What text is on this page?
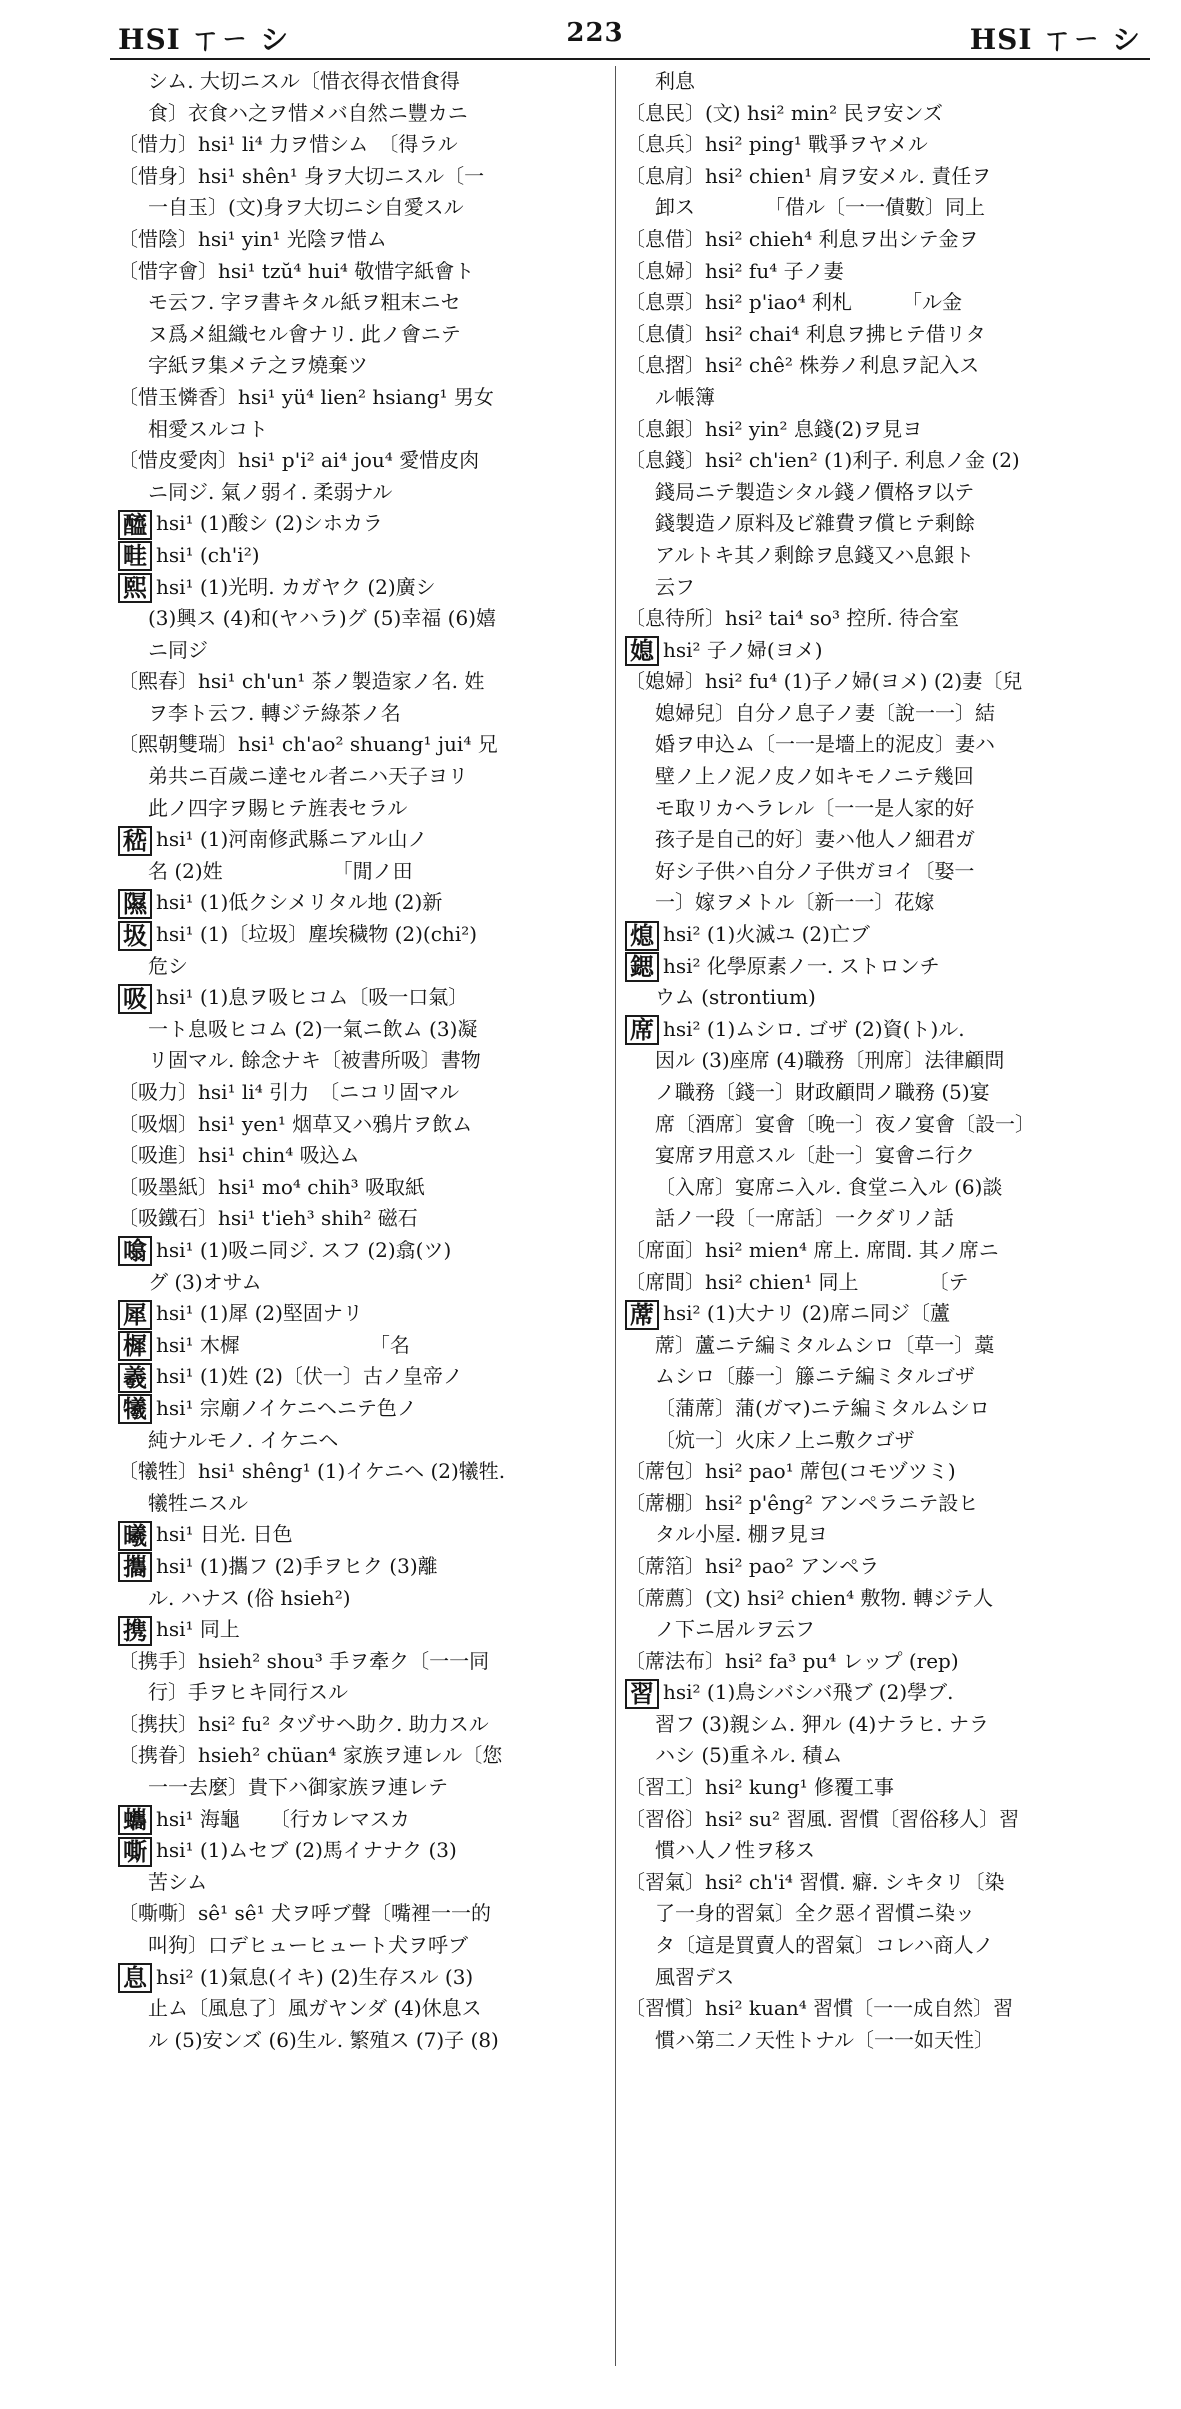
HSI ㄒㄧ シ	223	HSI ㄒㄧ シ
シム. 大切ニスル〔惜衣得衣惜食得
食〕衣食ハ之ヲ惜メバ自然ニ豐カニ
〔惜力〕hsi¹ li⁴ 力ヲ惜シム　〔得ラル
〔惜身〕hsi¹ shên¹ 身ヲ大切ニスル〔一
一自玉〕(文)身ヲ大切ニシ自愛スル
〔惜陰〕hsi¹ yin¹ 光陰ヲ惜ム
〔惜字會〕hsi¹ tzŭ⁴ hui⁴ 敬惜字紙會ト
モ云フ. 字ヲ書キタル紙ヲ粗末ニセ
ヌ爲メ組織セル會ナリ. 此ノ會ニテ
字紙ヲ集メテ之ヲ燒棄ツ
〔惜玉憐香〕hsi¹ yü⁴ lien² hsiang¹ 男女
相愛スルコト
〔惜皮愛肉〕hsi¹ p'i² ai⁴ jou⁴ 愛惜皮肉
ニ同ジ. 氣ノ弱イ. 柔弱ナル
醯 hsi¹ (1)酸シ (2)シホカラ
畦 hsi¹ (ch'i²)
熙 hsi¹ (1)光明. カガヤク (2)廣シ
(3)興ス (4)和(ヤハラ)グ (5)幸福 (6)嬉
ニ同ジ
〔熙春〕hsi¹ ch'un¹ 茶ノ製造家ノ名. 姓
ヲ李ト云フ. 轉ジテ綠茶ノ名
〔熙朝雙瑞〕hsi¹ ch'ao² shuang¹ jui⁴ 兄
弟共ニ百歲ニ達セル者ニハ天子ヨリ
此ノ四字ヲ賜ヒテ旌表セラル
嵇 hsi¹ (1)河南修武縣ニアル山ノ
名 (2)姓　　　　　　「閒ノ田
隰 hsi¹ (1)低クシメリタル地 (2)新
圾 hsi¹ (1)〔垃圾〕塵埃穢物 (2)(chi²)
危シ
吸 hsi¹ (1)息ヲ吸ヒコム〔吸一口氣〕
一ト息吸ヒコム (2)一氣ニ飲ム (3)凝
リ固マル. 餘念ナキ〔被書所吸〕書物
〔吸力〕hsi¹ li⁴ 引力　〔ニコリ固マル
〔吸烟〕hsi¹ yen¹ 烟草又ハ鴉片ヲ飲ム
〔吸進〕hsi¹ chin⁴ 吸込ム
〔吸墨紙〕hsi¹ mo⁴ chih³ 吸取紙
〔吸鐵石〕hsi¹ t'ieh³ shih² 磁石
噏 hsi¹ (1)吸ニ同ジ. スフ (2)翕(ツ)
グ (3)オサム
犀 hsi¹ (1)犀 (2)堅固ナリ
樨 hsi¹ 木樨　　　　　　　「名
羲 hsi¹ (1)姓 (2)〔伏一〕古ノ皇帝ノ
犧 hsi¹ 宗廟ノイケニヘニテ色ノ
純ナルモノ. イケニヘ
〔犧牲〕hsi¹ shêng¹ (1)イケニヘ (2)犧牲.
犧牲ニスル
曦 hsi¹ 日光. 日色
攜 hsi¹ (1)攜フ (2)手ヲヒク (3)離
ル. ハナス (俗 hsieh²)
携 hsi¹ 同上
〔携手〕hsieh² shou³ 手ヲ牽ク〔一一同
行〕手ヲヒキ同行スル
〔携扶〕hsi² fu² タヅサヘ助ク. 助力スル
〔携眷〕hsieh² chüan⁴ 家族ヲ連レル〔您
一一去麼〕貴下ハ御家族ヲ連レテ
蠵 hsi¹ 海龜　　〔行カレマスカ
嘶 hsi¹ (1)ムセブ (2)馬イナナク (3)
苦シム
〔嘶嘶〕sê¹ sê¹ 犬ヲ呼ブ聲〔嘴裡一一的
叫狗〕口デヒューヒュート犬ヲ呼ブ
息 hsi² (1)氣息(イキ) (2)生存スル (3)
止ム〔風息了〕風ガヤンダ (4)休息ス
ル (5)安ンズ (6)生ル. 繁殖ス (7)子 (8)
利息
〔息民〕(文) hsi² min² 民ヲ安ンズ
〔息兵〕hsi² ping¹ 戰爭ヲヤメル
〔息肩〕hsi² chien¹ 肩ヲ安メル. 責任ヲ
卸ス　　　　「借ル〔一一債數〕同上
〔息借〕hsi² chieh⁴ 利息ヲ出シテ金ヲ
〔息婦〕hsi² fu⁴ 子ノ妻
〔息票〕hsi² p'iao⁴ 利札　　　「ル金
〔息債〕hsi² chai⁴ 利息ヲ拂ヒテ借リタ
〔息摺〕hsi² chê² 株券ノ利息ヲ記入ス
ル帳簿
〔息銀〕hsi² yin² 息錢(2)ヲ見ヨ
〔息錢〕hsi² ch'ien² (1)利子. 利息ノ金 (2)
錢局ニテ製造シタル錢ノ價格ヲ以テ
錢製造ノ原料及ビ雜費ヲ償ヒテ剩餘
アルトキ其ノ剩餘ヲ息錢又ハ息銀ト
云フ
〔息待所〕hsi² tai⁴ so³ 控所. 待合室
媳 hsi² 子ノ婦(ヨメ)
〔媳婦〕hsi² fu⁴ (1)子ノ婦(ヨメ) (2)妻〔兒
媳婦兒〕自分ノ息子ノ妻〔說一一〕結
婚ヲ申込ム〔一一是墻上的泥皮〕妻ハ
壁ノ上ノ泥ノ皮ノ如キモノニテ幾回
モ取リカヘラレル〔一一是人家的好
孩子是自己的好〕妻ハ他人ノ細君ガ
好シ子供ハ自分ノ子供ガヨイ〔娶一
一〕嫁ヲメトル〔新一一〕花嫁
熄 hsi² (1)火滅ユ (2)亡ブ
鍶 hsi² 化學原素ノ一. ストロンチ
ウム (strontium)
席 hsi² (1)ムシロ. ゴザ (2)資(ト)ル.
因ル (3)座席 (4)職務〔刑席〕法律顧問
ノ職務〔錢一〕財政顧問ノ職務 (5)宴
席〔酒席〕宴會〔晚一〕夜ノ宴會〔設一〕
宴席ヲ用意スル〔赴一〕宴會ニ行ク
〔入席〕宴席ニ入ル. 食堂ニ入ル (6)談
話ノ一段〔一席話〕一クダリノ話
〔席面〕hsi² mien⁴ 席上. 席間. 其ノ席ニ
〔席間〕hsi² chien¹ 同上　　　　〔テ
蓆 hsi² (1)大ナリ (2)席ニ同ジ〔蘆
蓆〕蘆ニテ編ミタルムシロ〔草一〕藁
ムシロ〔藤一〕籐ニテ編ミタルゴザ
〔蒲蓆〕蒲(ガマ)ニテ編ミタルムシロ
〔炕一〕火床ノ上ニ敷クゴザ
〔蓆包〕hsi² pao¹ 蓆包(コモヅツミ)
〔蓆棚〕hsi² p'êng² アンペラニテ設ヒ
タル小屋. 棚ヲ見ヨ
〔蓆箔〕hsi² pao² アンペラ
〔蓆薦〕(文) hsi² chien⁴ 敷物. 轉ジテ人
ノ下ニ居ルヲ云フ
〔蓆法布〕hsi² fa³ pu⁴ レップ (rep)
習 hsi² (1)鳥シバシバ飛ブ (2)學ブ.
習フ (3)親シム. 狎ル (4)ナラヒ. ナラ
ハシ (5)重ネル. 積ム
〔習工〕hsi² kung¹ 修覆工事
〔習俗〕hsi² su² 習風. 習慣〔習俗移人〕習
慣ハ人ノ性ヲ移ス
〔習氣〕hsi² ch'i⁴ 習慣. 癖. シキタリ〔染
了一身的習氣〕全ク惡イ習慣ニ染ッ
タ〔這是買賣人的習氣〕コレハ商人ノ
風習デス
〔習慣〕hsi² kuan⁴ 習慣〔一一成自然〕習
慣ハ第二ノ天性トナル〔一一如天性〕
